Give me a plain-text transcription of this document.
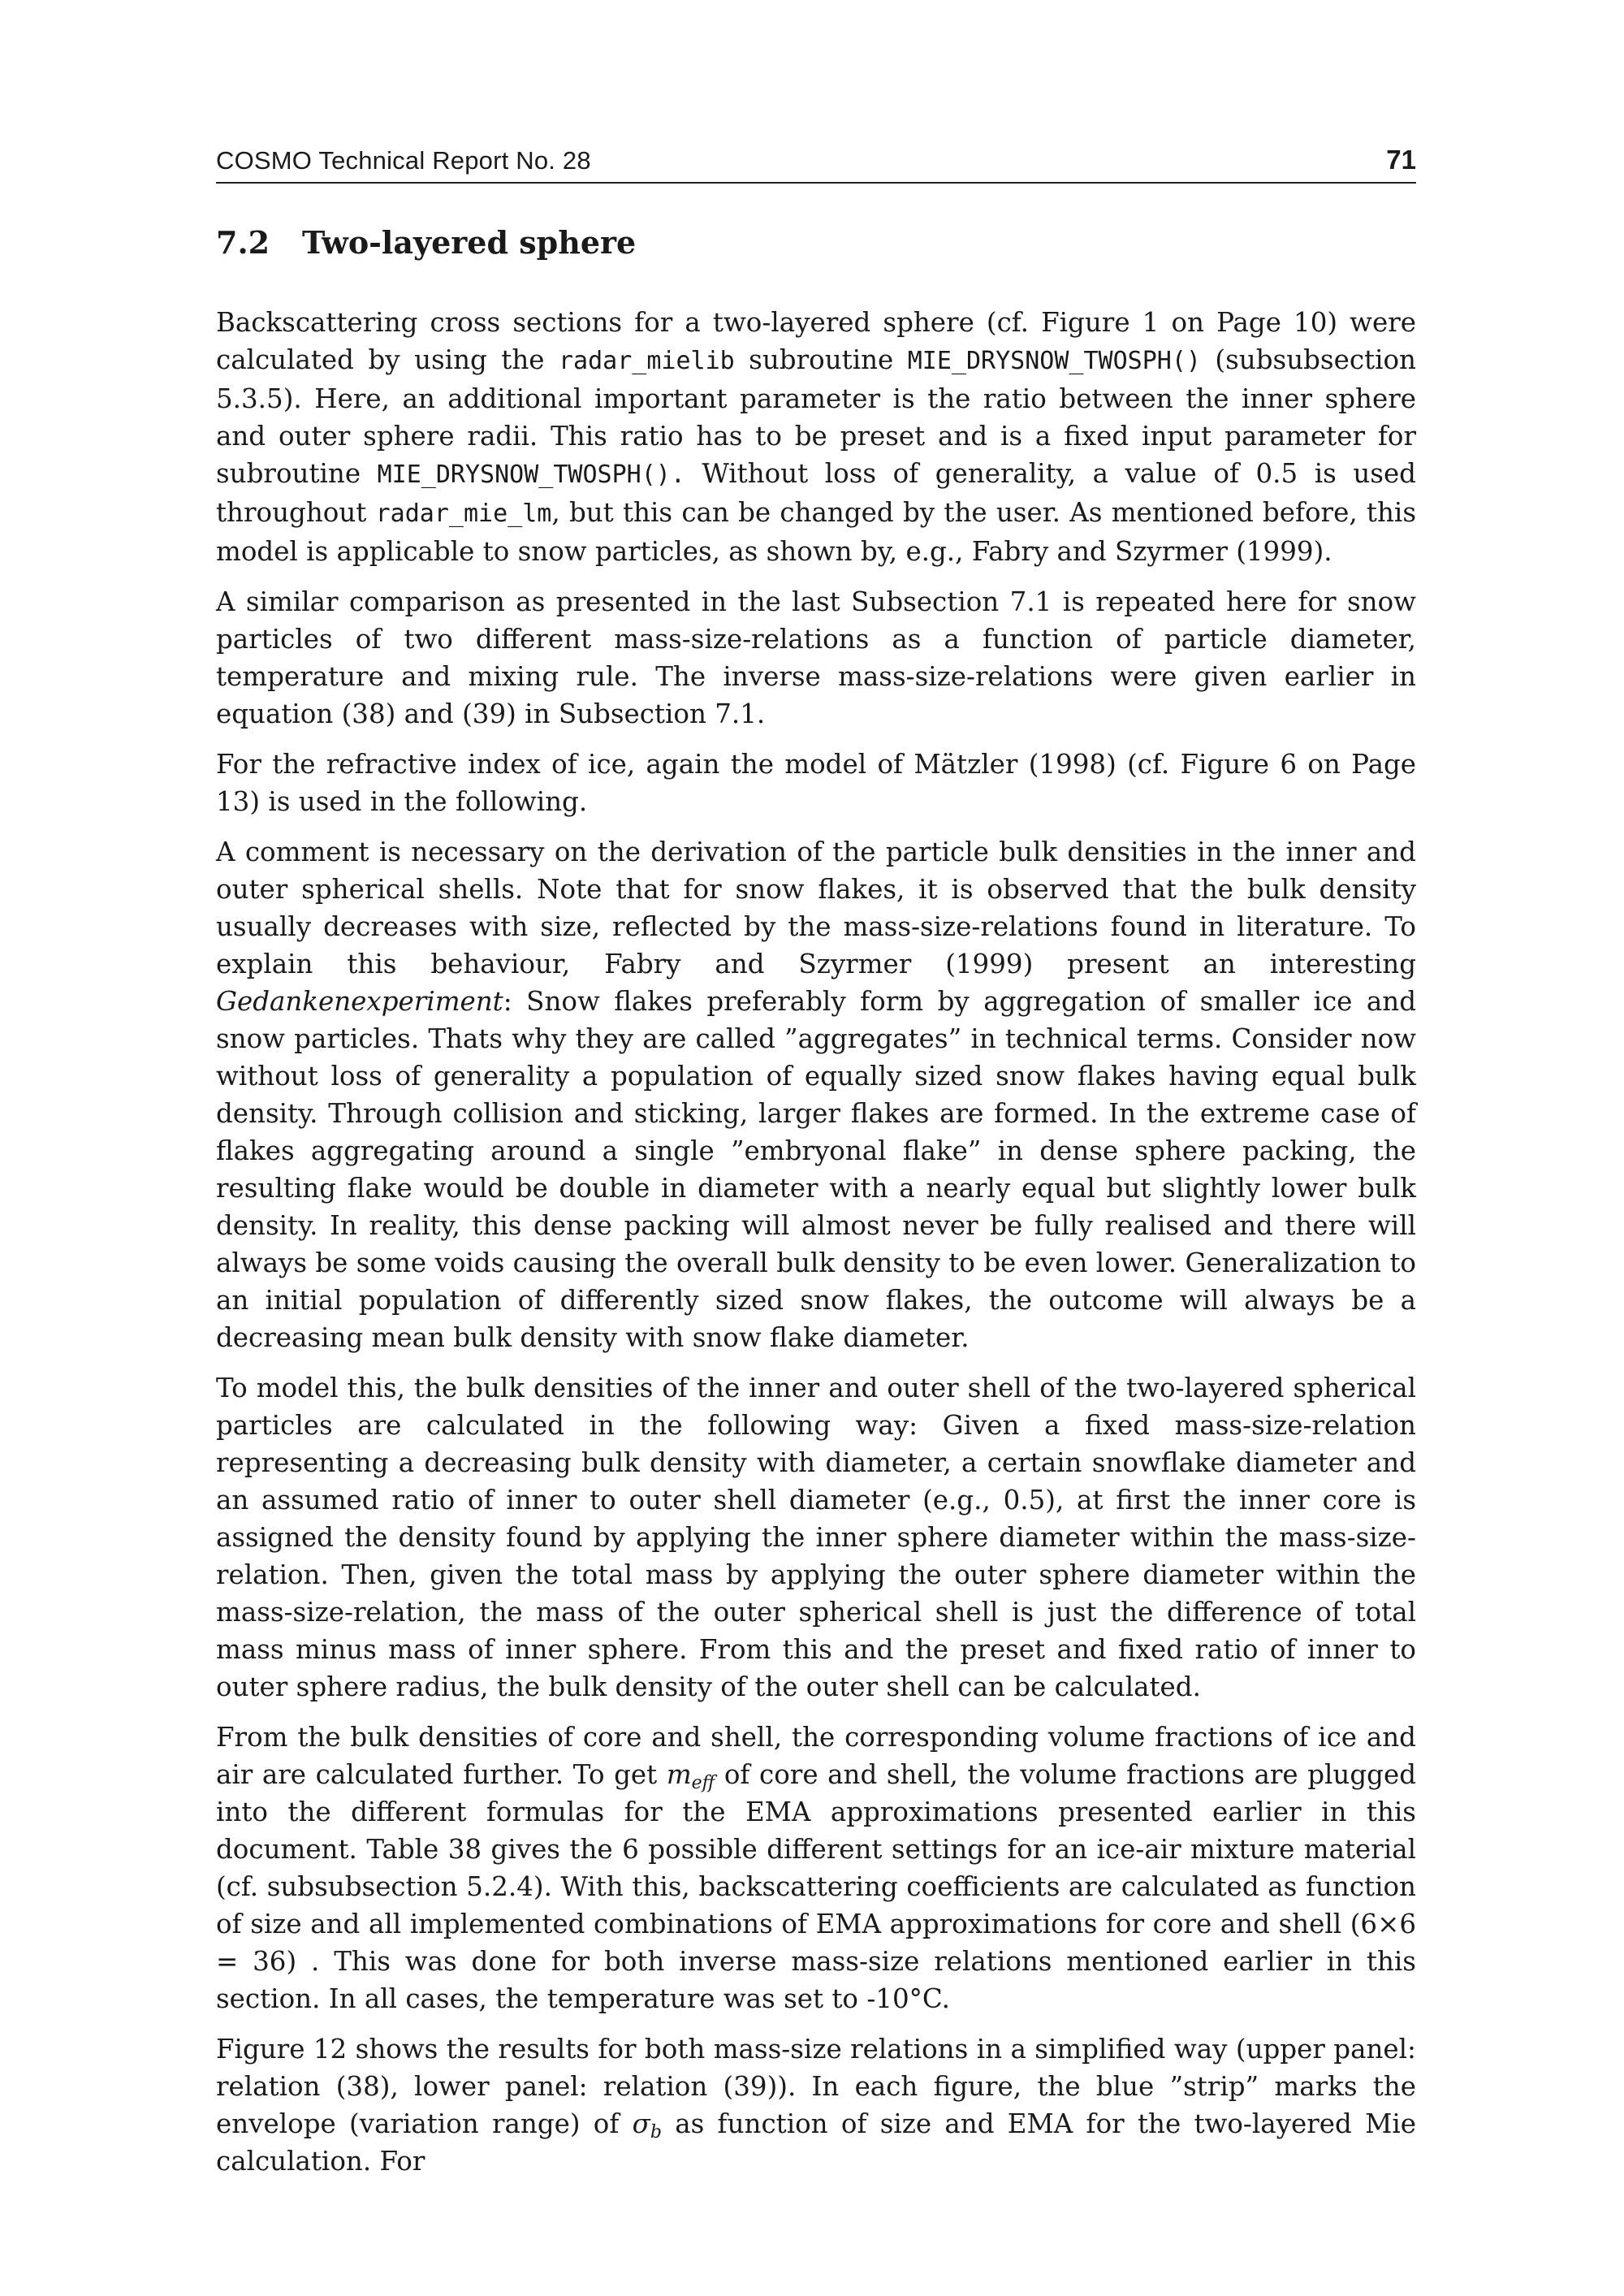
COSMO Technical Report No. 28	71
7.2 Two-layered sphere

Backscattering cross sections for a two-layered sphere (cf. Figure 1 on Page 10) were calculated by using the radar_mielib subroutine MIE_DRYSNOW_TWOSPH() (subsubsection 5.3.5). Here, an additional important parameter is the ratio between the inner sphere and outer sphere radii. This ratio has to be preset and is a fixed input parameter for subroutine MIE_DRYSNOW_TWOSPH(). Without loss of generality, a value of 0.5 is used throughout radar_mie_lm, but this can be changed by the user. As mentioned before, this model is applicable to snow particles, as shown by, e.g., Fabry and Szyrmer (1999).

A similar comparison as presented in the last Subsection 7.1 is repeated here for snow particles of two different mass-size-relations as a function of particle diameter, temperature and mixing rule. The inverse mass-size-relations were given earlier in equation (38) and (39) in Subsection 7.1.

For the refractive index of ice, again the model of Mätzler (1998) (cf. Figure 6 on Page 13) is used in the following.

A comment is necessary on the derivation of the particle bulk densities in the inner and outer spherical shells. Note that for snow flakes, it is observed that the bulk density usually decreases with size, reflected by the mass-size-relations found in literature. To explain this behaviour, Fabry and Szyrmer (1999) present an interesting Gedankenexperiment: Snow flakes preferably form by aggregation of smaller ice and snow particles. Thats why they are called ”aggregates” in technical terms. Consider now without loss of generality a population of equally sized snow flakes having equal bulk density. Through collision and sticking, larger flakes are formed. In the extreme case of flakes aggregating around a single ”embryonal flake” in dense sphere packing, the resulting flake would be double in diameter with a nearly equal but slightly lower bulk density. In reality, this dense packing will almost never be fully realised and there will always be some voids causing the overall bulk density to be even lower. Generalization to an initial population of differently sized snow flakes, the outcome will always be a decreasing mean bulk density with snow flake diameter.

To model this, the bulk densities of the inner and outer shell of the two-layered spherical particles are calculated in the following way: Given a fixed mass-size-relation representing a decreasing bulk density with diameter, a certain snowflake diameter and an assumed ratio of inner to outer shell diameter (e.g., 0.5), at first the inner core is assigned the density found by applying the inner sphere diameter within the mass-size-relation. Then, given the total mass by applying the outer sphere diameter within the mass-size-relation, the mass of the outer spherical shell is just the difference of total mass minus mass of inner sphere. From this and the preset and fixed ratio of inner to outer sphere radius, the bulk density of the outer shell can be calculated.

From the bulk densities of core and shell, the corresponding volume fractions of ice and air are calculated further. To get $m_{eff}$ of core and shell, the volume fractions are plugged into the different formulas for the EMA approximations presented earlier in this document. Table 38 gives the 6 possible different settings for an ice-air mixture material (cf. subsubsection 5.2.4). With this, backscattering coefficients are calculated as function of size and all implemented combinations of EMA approximations for core and shell (6×6 = 36) . This was done for both inverse mass-size relations mentioned earlier in this section. In all cases, the temperature was set to -10°C.

Figure 12 shows the results for both mass-size relations in a simplified way (upper panel: relation (38), lower panel: relation (39)). In each figure, the blue ”strip” marks the envelope (variation range) of $\sigma_b$ as function of size and EMA for the two-layered Mie calculation. For
